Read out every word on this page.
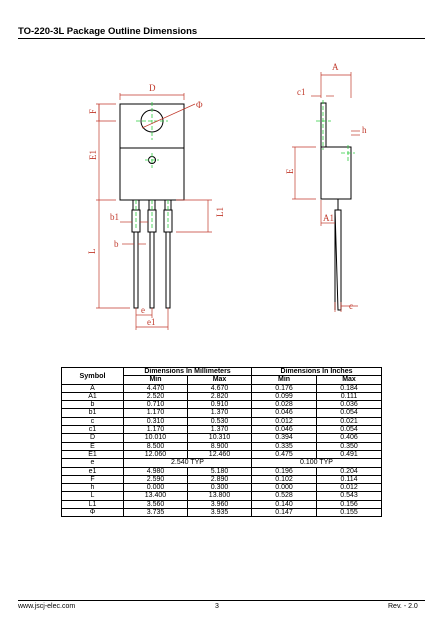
TO-220-3L Package Outline Dimensions
D
Φ
F
E1
L
b1
b
L1
e
e1
A
c1
h
E
A1
c
Symbol	Dimensions In Millimeters		Dimensions In Inches	
	Min	Max	Min	Max
A	4.470	4.670	0.176	0.184
A1	2.520	2.820	0.099	0.111
b	0.710	0.910	0.028	0.036
b1	1.170	1.370	0.046	0.054
c	0.310	0.530	0.012	0.021
c1	1.170	1.370	0.046	0.054
D	10.010	10.310	0.394	0.406
E	8.500	8.900	0.335	0.350
E1	12.060	12.460	0.475	0.491
e	2.540 TYP		0.100 TYP	
e1	4.980	5.180	0.196	0.204
F	2.590	2.890	0.102	0.114
h	0.000	0.300	0.000	0.012
L	13.400	13.800	0.528	0.543
L1	3.560	3.960	0.140	0.156
Φ	3.735	3.935	0.147	0.155
www.jscj-elec.com	3	Rev. - 2.0
